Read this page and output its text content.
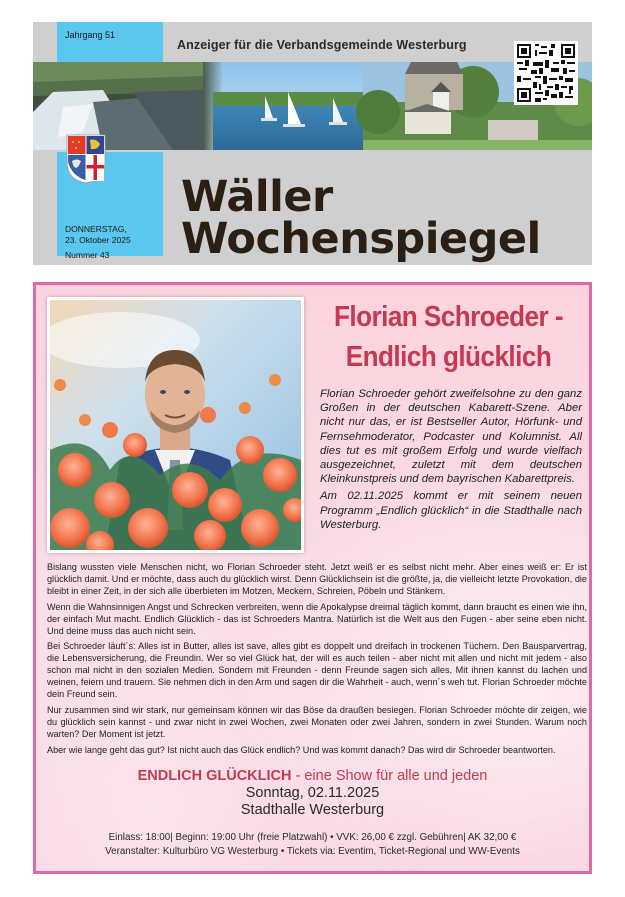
Jahrgang 51
Anzeiger für die Verbandsgemeinde Westerburg
DONNERSTAG,
23. Oktober 2025
Nummer 43
Wäller
Wochenspiegel
Florian Schroeder -
Endlich glücklich

Florian Schroeder gehört zweifelsohne zu den ganz Großen in der deutschen Kabarett-Szene. Aber nicht nur das, er ist Bestseller Autor, Hörfunk- und Fernsehmoderator, Podcaster und Kolumnist. All dies tut es mit großem Erfolg und wurde vielfach ausgezeichnet, zuletzt mit dem deutschen Kleinkunstpreis und dem bayrischen Kabarettpreis.

Am 02.11.2025 kommt er mit seinem neuen Programm „Endlich glücklich“ in die Stadthalle nach Westerburg.

Bislang wussten viele Menschen nicht, wo Florian Schroeder steht. Jetzt weiß er es selbst nicht mehr. Aber eines weiß er: Er ist glücklich damit. Und er möchte, dass auch du glücklich wirst. Denn Glücklichsein ist die größte, ja, die vielleicht letzte Provokation, die bleibt in einer Zeit, in der sich alle überbieten im Motzen, Meckern, Schreien, Pöbeln und Stänkern.

Wenn die Wahnsinnigen Angst und Schrecken verbreiten, wenn die Apokalypse dreimal täglich kommt, dann braucht es einen wie ihn, der einfach Mut macht. Endlich Glücklich - das ist Schroeders Mantra. Natürlich ist die Welt aus den Fugen - aber seine eben nicht. Und deine muss das auch nicht sein.

Bei Schroeder läuft´s: Alles ist in Butter, alles ist save, alles gibt es doppelt und dreifach in trockenen Tüchern. Den Bausparvertrag, die Lebensversicherung, die Freundin. Wer so viel Glück hat, der will es auch teilen - aber nicht mit allen und nicht mit jedem - also schon mal nicht in den sozialen Medien. Sondern mit Freunden - denn Freunde sagen sich alles. Mit ihnen kannst du lachen und weinen, feiern und trauern. Sie nehmen dich in den Arm und sagen dir die Wahrheit - auch, wenn´s weh tut. Florian Schroeder möchte dein Freund sein.

Nur zusammen sind wir stark, nur gemeinsam können wir das Böse da draußen besiegen. Florian Schroeder möchte dir zeigen, wie du glücklich sein kannst - und zwar nicht in zwei Wochen, zwei Monaten oder zwei Jahren, sondern in zwei Stunden. Warum noch warten? Der Moment ist jetzt.

Aber wie lange geht das gut? Ist nicht auch das Glück endlich? Und was kommt danach? Das wird dir Schroeder beantworten.

ENDLICH GLÜCKLICH - eine Show für alle und jeden
Sonntag, 02.11.2025
Stadthalle Westerburg
Einlass: 18:00| Beginn: 19:00 Uhr (freie Platzwahl) • VVK: 26,00 € zzgl. Gebühren| AK 32,00 €
Veranstalter: Kulturbüro VG Westerburg • Tickets via: Eventim, Ticket-Regional und WW-Events
